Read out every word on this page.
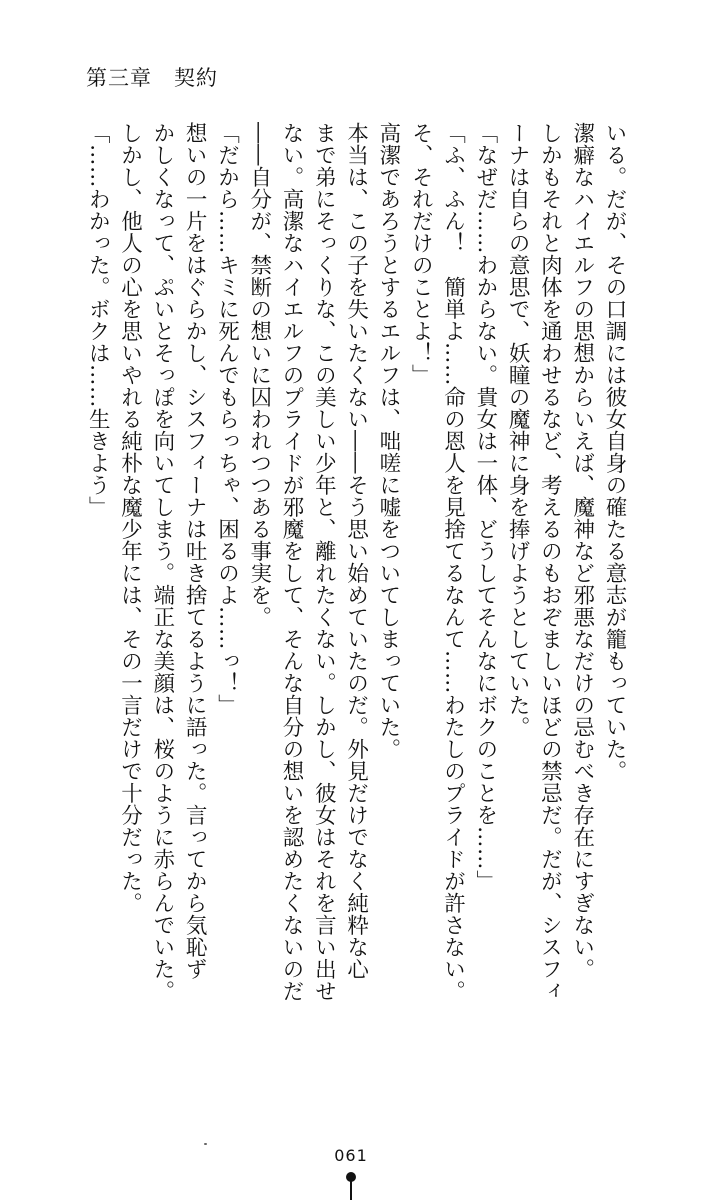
第三章　契約
いる。だが、その口調には彼女自身の確たる意志が籠もっていた。
潔癖なハイエルフの思想からいえば、魔神など邪悪なだけの忌むべき存在にすぎない。
しかもそれと肉体を通わせるなど、考えるのもおぞましいほどの禁忌だ。だが、シスフィ
ーナは自らの意思で、妖瞳の魔神に身を捧げようとしていた。
「なぜだ……わからない。貴女は一体、どうしてそんなにボクのことを……」
「ふ、ふん！　簡単よ……命の恩人を見捨てるなんて……わたしのプライドが許さない。
そ、それだけのことよ！」
高潔であろうとするエルフは、咄嗟に嘘をついてしまっていた。
本当は、この子を失いたくない――そう思い始めていたのだ。外見だけでなく純粋な心
まで弟にそっくりな、この美しい少年と、離れたくない。しかし、彼女はそれを言い出せ
ない。高潔なハイエルフのプライドが邪魔をして、そんな自分の想いを認めたくないのだ
――自分が、禁断の想いに囚われつつある事実を。
「だから……キミに死んでもらっちゃ、困るのよ……っ！」
想いの一片をはぐらかし、シスフィーナは吐き捨てるように語った。言ってから気恥ず
かしくなって、ぷいとそっぽを向いてしまう。端正な美顔は、桜のように赤らんでいた。
しかし、他人の心を思いやれる純朴な魔少年には、その一言だけで十分だった。
「……わかった。ボクは……生きよう」
061
